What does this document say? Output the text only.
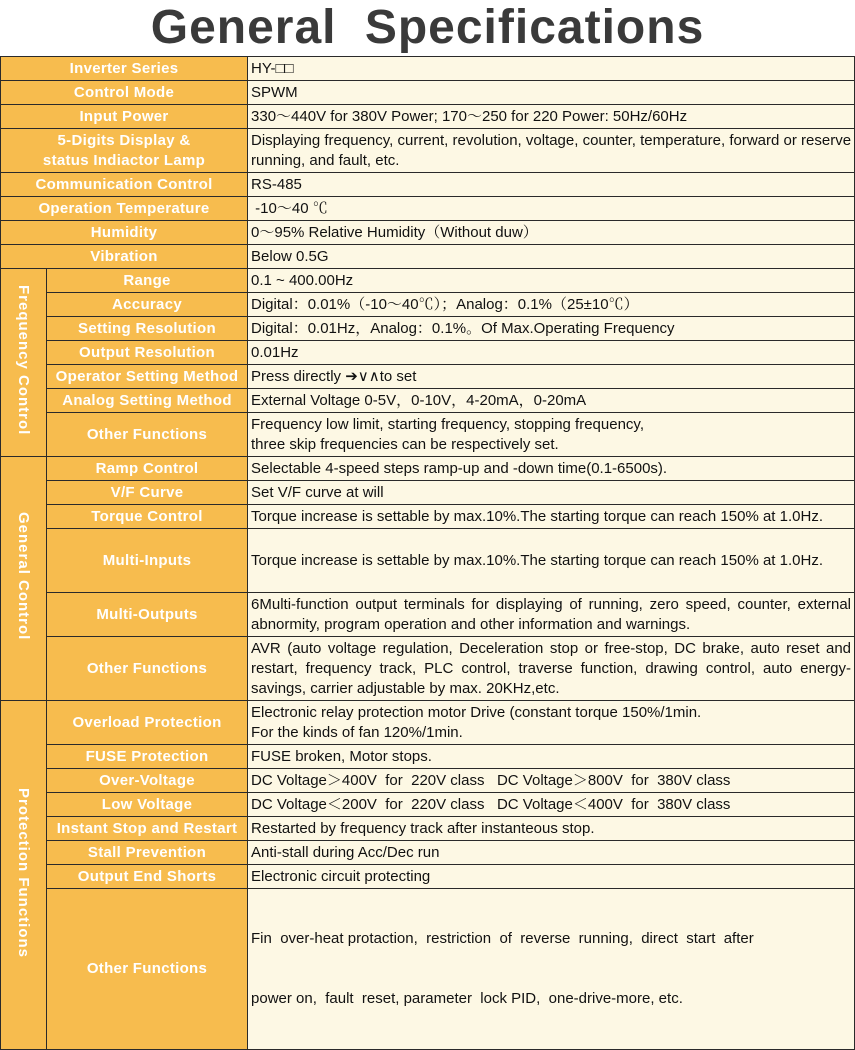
General Specifications
Inverter Series		HY-□□
Control Mode		SPWM
Input Power		330～440V for 380V Power; 170～250 for 220 Power: 50Hz/60Hz

5-Digits Display &
status Indiactor Lamp		Displaying frequency, current, revolution, voltage, counter, temperature, forward or reserve running, and fault, etc.
Communication Control		RS-485
Operation Temperature		-10～40 ℃
Humidity		0～95% Relative Humidity（Without duw）
Vibration		Below 0.5G
Frequency Control	Range	0.1 ~ 400.00Hz
	Accuracy	Digital：0.01%（-10～40℃）；Analog：0.1%（25±10℃）
	Setting Resolution	Digital：0.01Hz，Analog：0.1%。Of Max.Operating Frequency
	Output Resolution	0.01Hz
	Operator Setting Method	Press directly ➔∨∧to set
	Analog Setting Method	External Voltage 0-5V，0-10V，4-20mA，0-20mA
	Other Functions	Frequency low limit, starting frequency, stopping frequency,
three skip frequencies can be respectively set.

General Control	Ramp Control	Selectable 4-speed steps ramp-up and -down time(0.1-6500s).
	V/F Curve	Set V/F curve at will
	Torque Control	Torque increase is settable by max.10%.The starting torque can reach 150% at 1.0Hz.
	Multi-Inputs	Torque increase is settable by max.10%.The starting torque can reach 150% at 1.0Hz.
	Multi-Outputs	6Multi-function output terminals for displaying of running, zero speed, counter, external abnormity, program operation and other information and warnings.
	Other Functions	AVR (auto voltage regulation, Deceleration stop or free-stop, DC brake, auto reset and restart, frequency track, PLC control, traverse function, drawing control, auto energy-savings, carrier adjustable by max. 20KHz,etc.
Protection Functions	Overload Protection	Electronic relay protection motor Drive (constant torque 150%/1min.
For the kinds of fan 120%/1min.

	FUSE Protection	FUSE broken, Motor stops.
	Over-Voltage	DC Voltage＞400V  for  220V class   DC Voltage＞800V  for  380V class
	Low Voltage	DC Voltage＜200V  for  220V class   DC Voltage＜400V  for  380V class
	Instant Stop and Restart	Restarted by frequency track after instanteous stop.
	Stall Prevention	Anti-stall during Acc/Dec run
	Output End Shorts	Electronic circuit protecting
	Other Functions	Fin  over-heat protaction,  restriction  of  reverse  running,  direct  start  after

power on,  fault  reset, parameter  lock PID,  one-drive-more, etc.
